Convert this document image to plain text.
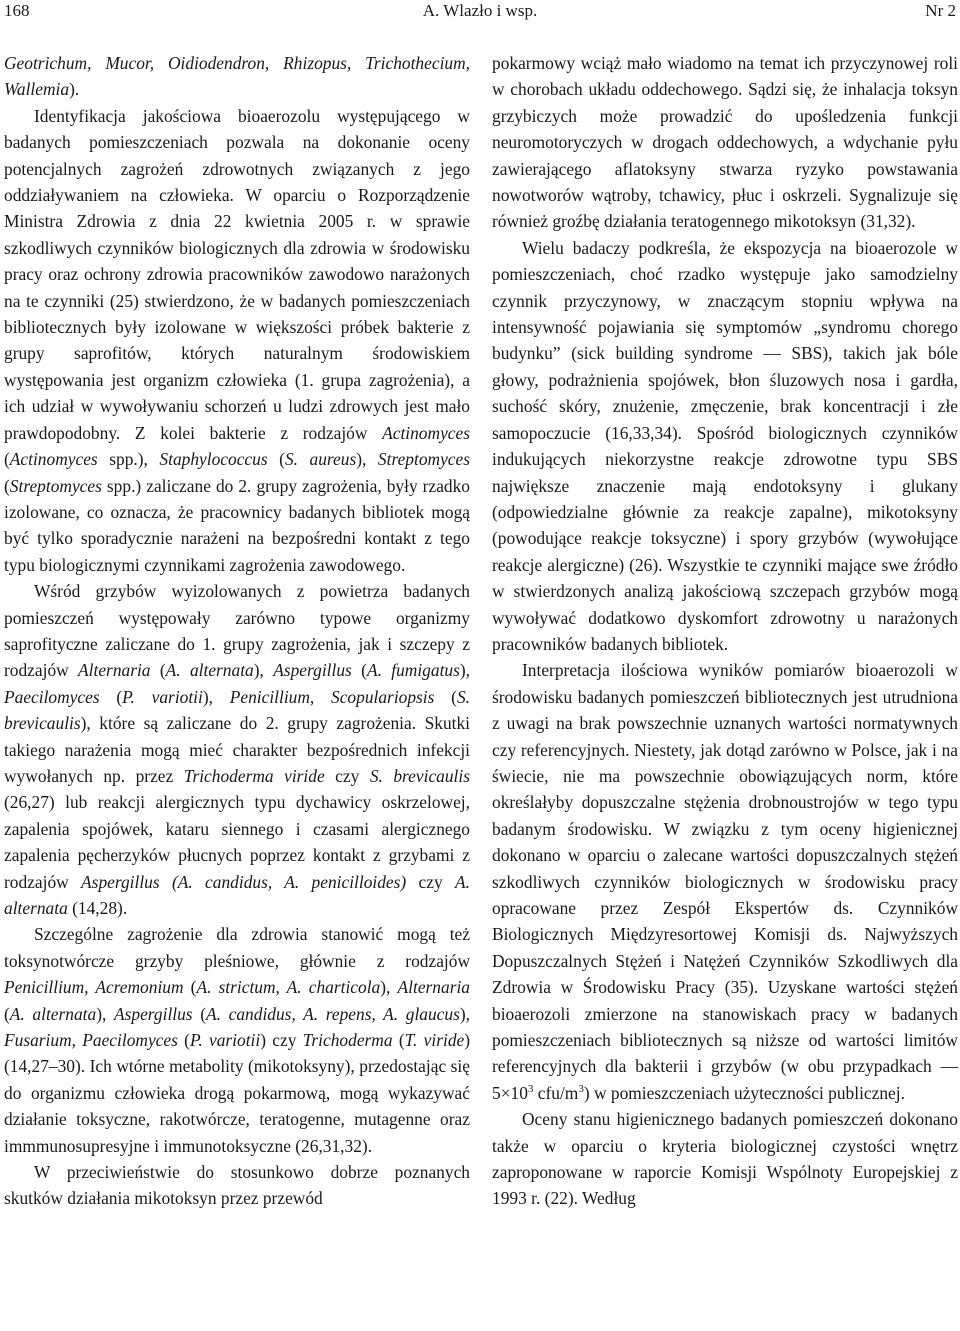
168	A. Wlazło i wsp.	Nr 2

Geotrichum, Mucor, Oidiodendron, Rhizopus, Trichothecium, Wallemia).

Identyfikacja jakościowa bioaerozolu występującego w badanych pomieszczeniach pozwala na dokonanie oceny potencjalnych zagrożeń zdrowotnych związanych z jego oddziaływaniem na człowieka. W oparciu o Rozporządzenie Ministra Zdrowia z dnia 22 kwietnia 2005 r. w sprawie szkodliwych czynników biologicznych dla zdrowia w środowisku pracy oraz ochrony zdrowia pracowników zawodowo narażonych na te czynniki (25) stwierdzono, że w badanych pomieszczeniach bibliotecznych były izolowane w większości próbek bakterie z grupy saprofitów, których naturalnym środowiskiem występowania jest organizm człowieka (1. grupa zagrożenia), a ich udział w wywoływaniu schorzeń u ludzi zdrowych jest mało prawdopodobny. Z kolei bakterie z rodzajów Actinomyces (Actinomyces spp.), Staphylococcus (S. aureus), Streptomyces (Streptomyces spp.) zaliczane do 2. grupy zagrożenia, były rzadko izolowane, co oznacza, że pracownicy badanych bibliotek mogą być tylko sporadycznie narażeni na bezpośredni kontakt z tego typu biologicznymi czynnikami zagrożenia zawodowego.

Wśród grzybów wyizolowanych z powietrza badanych pomieszczeń występowały zarówno typowe organizmy saprofityczne zaliczane do 1. grupy zagrożenia, jak i szczepy z rodzajów Alternaria (A. alternata), Aspergillus (A. fumigatus), Paecilomyces (P. variotii), Penicillium, Scopulariopsis (S. brevicaulis), które są zaliczane do 2. grupy zagrożenia. Skutki takiego narażenia mogą mieć charakter bezpośrednich infekcji wywołanych np. przez Trichoderma viride czy S. brevicaulis (26,27) lub reakcji alergicznych typu dychawicy oskrzelowej, zapalenia spojówek, kataru siennego i czasami alergicznego zapalenia pęcherzyków płucnych poprzez kontakt z grzybami z rodzajów Aspergillus (A. candidus, A. penicilloides) czy A. alternata (14,28).

Szczególne zagrożenie dla zdrowia stanowić mogą też toksynotwórcze grzyby pleśniowe, głównie z rodzajów Penicillium, Acremonium (A. strictum, A. charticola), Alternaria (A. alternata), Aspergillus (A. candidus, A. repens, A. glaucus), Fusarium, Paecilomyces (P. variotii) czy Trichoderma (T. viride) (14,27–30). Ich wtórne metabolity (mikotoksyny), przedostając się do organizmu człowieka drogą pokarmową, mogą wykazywać działanie toksyczne, rakotwórcze, teratogenne, mutagenne oraz immmunosupresyjne i immunotoksyczne (26,31,32).

W przeciwieństwie do stosunkowo dobrze poznanych skutków działania mikotoksyn przez przewód

pokarmowy wciąż mało wiadomo na temat ich przyczynowej roli w chorobach układu oddechowego. Sądzi się, że inhalacja toksyn grzybiczych może prowadzić do upośledzenia funkcji neuromotoryczych w drogach oddechowych, a wdychanie pyłu zawierającego aflatoksyny stwarza ryzyko powstawania nowotworów wątroby, tchawicy, płuc i oskrzeli. Sygnalizuje się również groźbę działania teratogennego mikotoksyn (31,32).

Wielu badaczy podkreśla, że ekspozycja na bioaerozole w pomieszczeniach, choć rzadko występuje jako samodzielny czynnik przyczynowy, w znaczącym stopniu wpływa na intensywność pojawiania się symptomów „syndromu chorego budynku” (sick building syndrome — SBS), takich jak bóle głowy, podrażnienia spojówek, błon śluzowych nosa i gardła, suchość skóry, znużenie, zmęczenie, brak koncentracji i złe samopoczucie (16,33,34). Spośród biologicznych czynników indukujących niekorzystne reakcje zdrowotne typu SBS największe znaczenie mają endotoksyny i glukany (odpowiedzialne głównie za reakcje zapalne), mikotoksyny (powodujące reakcje toksyczne) i spory grzybów (wywołujące reakcje alergiczne) (26). Wszystkie te czynniki mające swe źródło w stwierdzonych analizą jakościową szczepach grzybów mogą wywoływać dodatkowo dyskomfort zdrowotny u narażonych pracowników badanych bibliotek.

Interpretacja ilościowa wyników pomiarów bioaerozoli w środowisku badanych pomieszczeń bibliotecznych jest utrudniona z uwagi na brak powszechnie uznanych wartości normatywnych czy referencyjnych. Niestety, jak dotąd zarówno w Polsce, jak i na świecie, nie ma powszechnie obowiązujących norm, które określałyby dopuszczalne stężenia drobnoustrojów w tego typu badanym środowisku. W związku z tym oceny higienicznej dokonano w oparciu o zalecane wartości dopuszczalnych stężeń szkodliwych czynników biologicznych w środowisku pracy opracowane przez Zespół Ekspertów ds. Czynników Biologicznych Międzyresortowej Komisji ds. Najwyższych Dopuszczalnych Stężeń i Natężeń Czynników Szkodliwych dla Zdrowia w Środowisku Pracy (35). Uzyskane wartości stężeń bioaerozoli zmierzone na stanowiskach pracy w badanych pomieszczeniach bibliotecznych są niższe od wartości limitów referencyjnych dla bakterii i grzybów (w obu przypadkach — $5\times 10^3$ cfu/$m^3$) w pomieszczeniach użyteczności publicznej.

Oceny stanu higienicznego badanych pomieszczeń dokonano także w oparciu o kryteria biologicznej czystości wnętrz zaproponowane w raporcie Komisji Wspólnoty Europejskiej z 1993 r. (22). Według
